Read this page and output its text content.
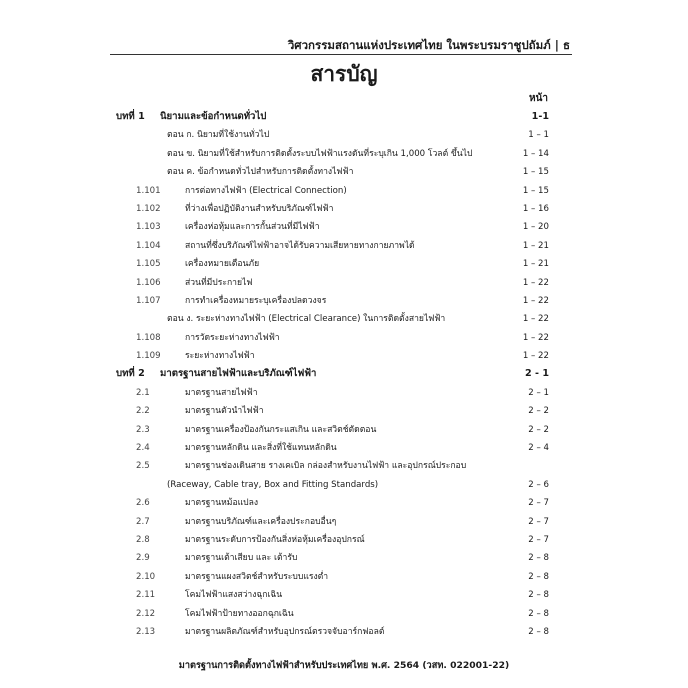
วิศวกรรมสถานแห่งประเทศไทย ในพระบรมราชูปถัมภ์ | ธ
สารบัญ
หน้า
บทที่ 1 นิยามและข้อกำหนดทั่วไป	1-1
ตอน ก. นิยามที่ใช้งานทั่วไป	1 – 1
ตอน ข. นิยามที่ใช้สำหรับการติดตั้งระบบไฟฟ้าแรงดันที่ระบุเกิน 1,000 โวลต์ ขึ้นไป	1 – 14
ตอน ค. ข้อกำหนดทั่วไปสำหรับการติดตั้งทางไฟฟ้า	1 – 15
1.101	การต่อทางไฟฟ้า (Electrical Connection)	1 – 15
1.102	ที่ว่างเพื่อปฏิบัติงานสำหรับบริภัณฑ์ไฟฟ้า	1 – 16
1.103	เครื่องห่อหุ้มและการกั้นส่วนที่มีไฟฟ้า	1 – 20
1.104	สถานที่ซึ่งบริภัณฑ์ไฟฟ้าอาจได้รับความเสียหายทางกายภาพได้	1 – 21
1.105	เครื่องหมายเตือนภัย	1 – 21
1.106	ส่วนที่มีประกายไฟ	1 – 22
1.107	การทำเครื่องหมายระบุเครื่องปลดวงจร	1 – 22
ตอน ง. ระยะห่างทางไฟฟ้า (Electrical Clearance) ในการติดตั้งสายไฟฟ้า	1 – 22
1.108	การวัดระยะห่างทางไฟฟ้า	1 – 22
1.109	ระยะห่างทางไฟฟ้า	1 – 22
บทที่ 2 มาตรฐานสายไฟฟ้าและบริภัณฑ์ไฟฟ้า	2 - 1
2.1	มาตรฐานสายไฟฟ้า	2 – 1
2.2	มาตรฐานตัวนำไฟฟ้า	2 – 2
2.3	มาตรฐานเครื่องป้องกันกระแสเกิน และสวิตช์ตัดตอน	2 – 2
2.4	มาตรฐานหลักดิน และสิ่งที่ใช้แทนหลักดิน	2 – 4
2.5	มาตรฐานช่องเดินสาย รางเคเบิล กล่องสำหรับงานไฟฟ้า และอุปกรณ์ประกอบ
(Raceway, Cable tray, Box and Fitting Standards)	2 – 6
2.6	มาตรฐานหม้อแปลง	2 – 7
2.7	มาตรฐานบริภัณฑ์และเครื่องประกอบอื่นๆ	2 – 7
2.8	มาตรฐานระดับการป้องกันสิ่งห่อหุ้มเครื่องอุปกรณ์	2 – 7
2.9	มาตรฐานเต้าเสียบ และ เต้ารับ	2 – 8
2.10	มาตรฐานแผงสวิตช์สำหรับระบบแรงต่ำ	2 – 8
2.11	โคมไฟฟ้าแสงสว่างฉุกเฉิน	2 – 8
2.12	โคมไฟฟ้าป้ายทางออกฉุกเฉิน	2 – 8
2.13	มาตรฐานผลิตภัณฑ์สำหรับอุปกรณ์ตรวจจับอาร์กฟอลต์	2 – 8
มาตรฐานการติดตั้งทางไฟฟ้าสำหรับประเทศไทย พ.ศ. 2564 (วสท. 022001-22)
